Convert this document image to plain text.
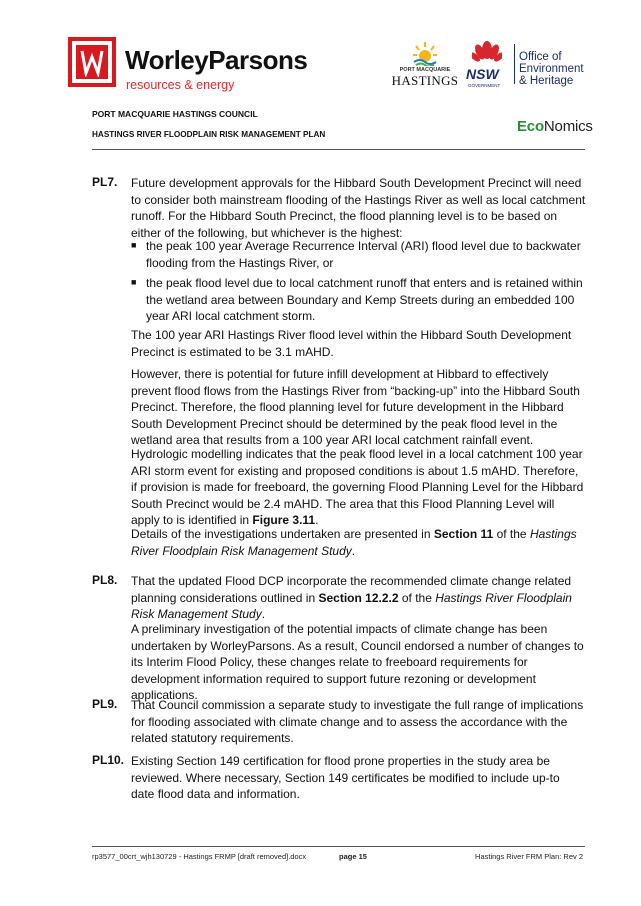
WorleyParsons
resources & energy
PORT MACQUARIE
HASTINGS NSW
GOVERNMENT
Office of
Environment
& Heritage
PORT MACQUARIE HASTINGS COUNCIL
HASTINGS RIVER FLOODPLAIN RISK MANAGEMENT PLAN	EcoNomics
PL7. Future development approvals for the Hibbard South Development Precinct will need to consider both mainstream flooding of the Hastings River as well as local catchment runoff. For the Hibbard South Precinct, the flood planning level is to be based on either of the following, but whichever is the highest:
■ the peak 100 year Average Recurrence Interval (ARI) flood level due to backwater flooding from the Hastings River, or
■ the peak flood level due to local catchment runoff that enters and is retained within the wetland area between Boundary and Kemp Streets during an embedded 100 year ARI local catchment storm.
The 100 year ARI Hastings River flood level within the Hibbard South Development Precinct is estimated to be 3.1 mAHD.
However, there is potential for future infill development at Hibbard to effectively prevent flood flows from the Hastings River from “backing-up” into the Hibbard South Precinct. Therefore, the flood planning level for future development in the Hibbard South Development Precinct should be determined by the peak flood level in the wetland area that results from a 100 year ARI local catchment rainfall event.
Hydrologic modelling indicates that the peak flood level in a local catchment 100 year ARI storm event for existing and proposed conditions is about 1.5 mAHD. Therefore, if provision is made for freeboard, the governing Flood Planning Level for the Hibbard South Precinct would be 2.4 mAHD. The area that this Flood Planning Level will apply to is identified in Figure 3.11.
Details of the investigations undertaken are presented in Section 11 of the Hastings River Floodplain Risk Management Study.
PL8. That the updated Flood DCP incorporate the recommended climate change related planning considerations outlined in Section 12.2.2 of the Hastings River Floodplain Risk Management Study.
A preliminary investigation of the potential impacts of climate change has been undertaken by WorleyParsons. As a result, Council endorsed a number of changes to its Interim Flood Policy, these changes relate to freeboard requirements for development information required to support future rezoning or development applications.
PL9. That Council commission a separate study to investigate the full range of implications for flooding associated with climate change and to assess the accordance with the related statutory requirements.
PL10. Existing Section 149 certification for flood prone properties in the study area be reviewed. Where necessary, Section 149 certificates be modified to include up-to date flood data and information.
rp3577_00crt_wjh130729 - Hastings FRMP [draft removed].docx	page 15	Hastings River FRM Plan: Rev 2
